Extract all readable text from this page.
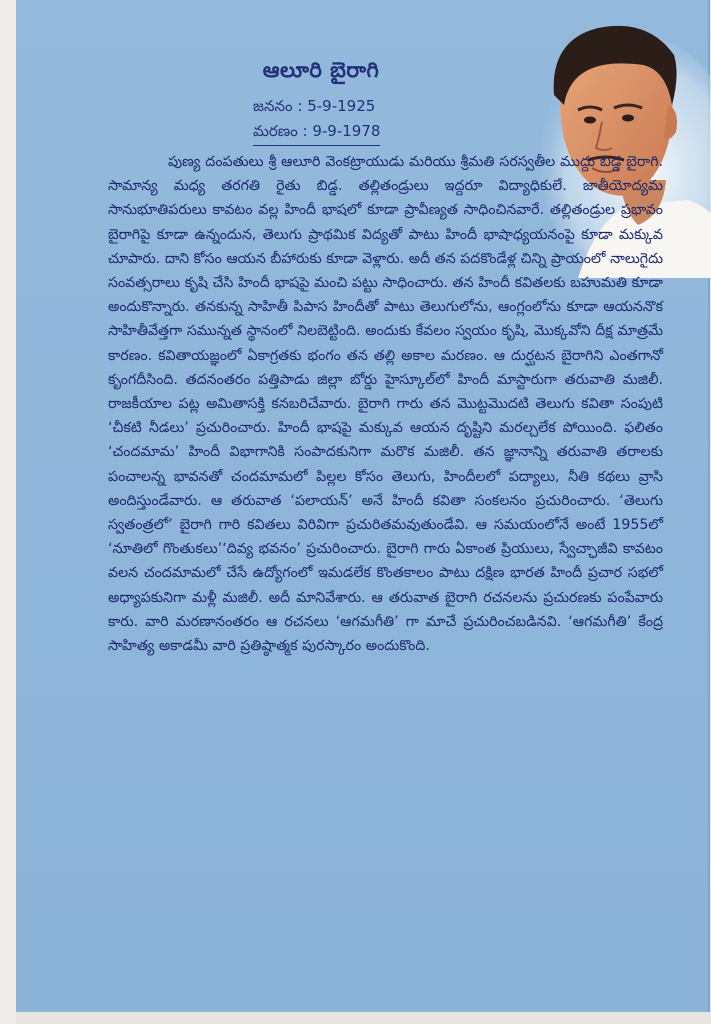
ఆలూరి బైరాగి
జననం : 5-9-1925
మరణం : 9-9-1978

పుణ్య దంపతులు శ్రీ ఆలూరి వెంకట్రాయుడు మరియు శ్రీమతి సరస్వతీల ముద్దు బిడ్డ బైరాగి. సామాన్య మధ్య తరగతి రైతు బిడ్డ. తల్లితండ్రులు ఇద్దరూ విద్యాధికులే. జాతీయోద్యమ సానుభూతిపరులు కావటం వల్ల హిందీ భాషలో కూడా ప్రావీణ్యత సాధించినవారే. తల్లితండ్రుల ప్రభావం బైరాగిపై కూడా ఉన్నందున, తెలుగు ప్రాథమిక విద్యతో పాటు హిందీ భాషాధ్యయనంపై కూడా మక్కువ చూపారు. దాని కోసం ఆయన బీహారుకు కూడా వెళ్లారు. అదీ తన పదకొండేళ్ల చిన్ని ప్రాయంలో నాలుగైదు సంవత్సరాలు కృషి చేసి హిందీ భాషపై మంచి పట్టు సాధించారు. తన హిందీ కవితలకు బహుమతి కూడా అందుకొన్నారు. తనకున్న సాహితీ పిపాస హిందీతో పాటు తెలుగులోను, ఆంగ్లంలోను కూడా ఆయననొక సాహితీవేత్తగా సమున్నత స్థానంలో నిలబెట్టింది. అందుకు కేవలం స్వయం కృషి, మొక్కవోని దీక్ష మాత్రమే కారణం. కవితాయజ్ఞంలో ఏకాగ్రతకు భంగం తన తల్లి అకాల మరణం. ఆ దుర్ఘటన బైరాగిని ఎంతగానో కృంగదీసింది. తదనంతరం పత్తిపాడు జిల్లా బోర్డు హైస్కూల్‌లో హిందీ మాస్టారుగా తరువాతి మజిలీ. రాజకీయాల పట్ల అమితాసక్తి కనబరిచేవారు. బైరాగి గారు తన మొట్టమొదటి తెలుగు కవితా సంపుటి ‘చీకటి నీడలు’ ప్రచురించారు. హిందీ భాషపై మక్కువ ఆయన దృష్టిని మరల్చలేక పోయింది. ఫలితం ‘చందమామ’ హిందీ విభాగానికి సంపాదకునిగా మరొక మజిలీ. తన జ్ఞానాన్ని తరువాతి తరాలకు పంచాలన్న భావనతో చందమామలో పిల్లల కోసం తెలుగు, హిందీలలో పద్యాలు, నీతి కథలు వ్రాసి అందిస్తుండేవారు. ఆ తరువాత ‘పలాయన్’ అనే హిందీ కవితా సంకలనం ప్రచురించారు. ‘తెలుగు స్వతంత్రలో’ బైరాగి గారి కవితలు విరివిగా ప్రచురితమవుతుండేవి. ఆ సమయంలోనే అంటే 1955లో ‘నూతిలో గొంతుకలు’‘దివ్య భవనం’ ప్రచురించారు. బైరాగి గారు ఏకాంత ప్రియులు, స్వేచ్ఛాజీవి కావటం వలన చందమామలో చేసే ఉద్యోగంలో ఇమడలేక కొంతకాలం పాటు దక్షిణ భారత హిందీ ప్రచార సభలో అధ్యాపకునిగా మళ్లీ మజిలీ. అదీ మానివేశారు. ఆ తరువాత బైరాగి రచనలను ప్రచురణకు పంపేవారు కారు. వారి మరణానంతరం ఆ రచనలు ‘ఆగమగీతి’ గా మాచే ప్రచురించబడినవి. ‘ఆగమగీతి’ కేంద్ర సాహిత్య అకాడమీ వారి ప్రతిష్ఠాత్మక పురస్కారం అందుకొంది.
